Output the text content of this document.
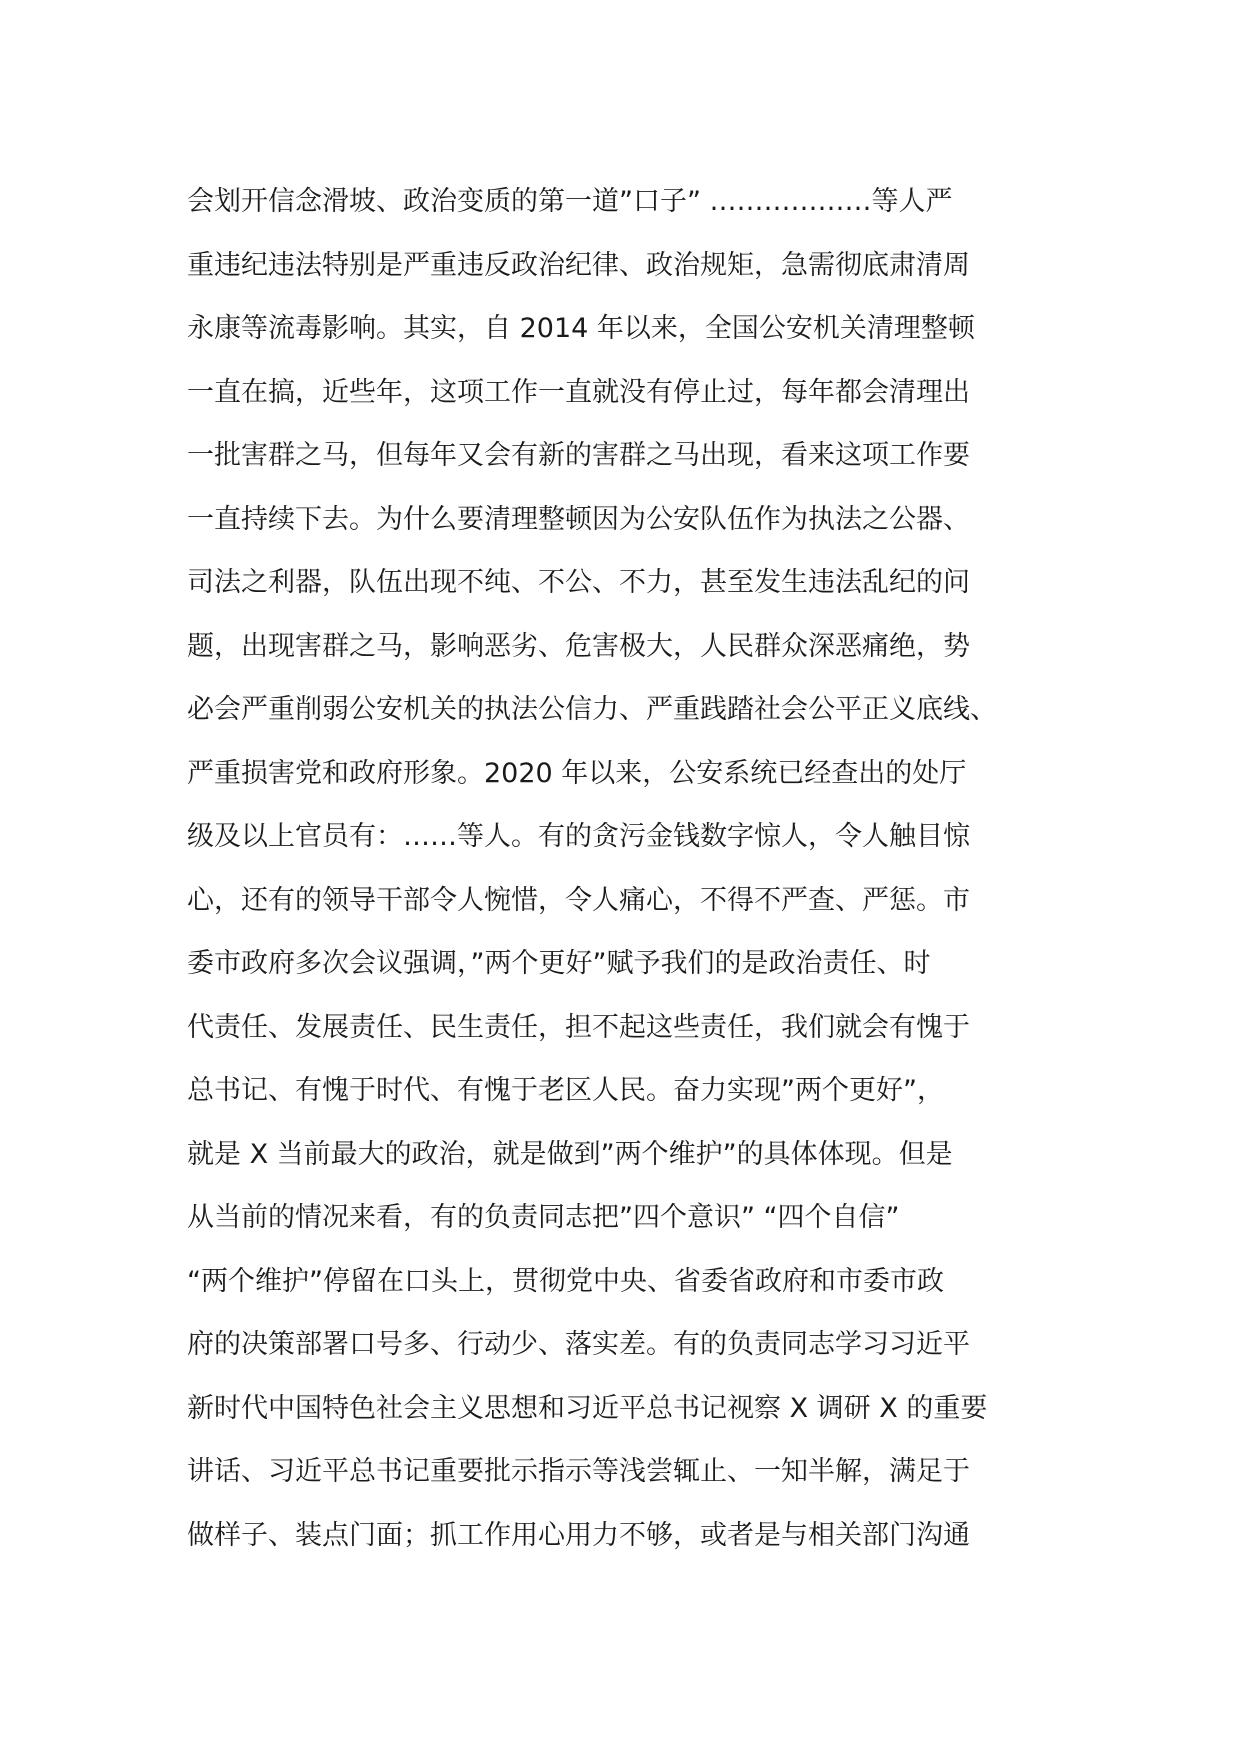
会划开信念滑坡、政治变质的第一道”口子” ………………等人严
重违纪违法特别是严重违反政治纪律、政治规矩，急需彻底肃清周
永康等流毒影响。其实，自 2014 年以来，全国公安机关清理整顿
一直在搞，近些年，这项工作一直就没有停止过，每年都会清理出
一批害群之马，但每年又会有新的害群之马出现，看来这项工作要
一直持续下去。为什么要清理整顿因为公安队伍作为执法之公器、
司法之利器，队伍出现不纯、不公、不力，甚至发生违法乱纪的问
题，出现害群之马，影响恶劣、危害极大，人民群众深恶痛绝，势
必会严重削弱公安机关的执法公信力、严重践踏社会公平正义底线、
严重损害党和政府形象。2020 年以来，公安系统已经查出的处厅
级及以上官员有：……等人。有的贪污金钱数字惊人，令人触目惊
心，还有的领导干部令人惋惜，令人痛心，不得不严查、严惩。市
委市政府多次会议强调，”两个更好”赋予我们的是政治责任、时
代责任、发展责任、民生责任，担不起这些责任，我们就会有愧于
总书记、有愧于时代、有愧于老区人民。奋力实现”两个更好”，
就是 X 当前最大的政治，就是做到”两个维护”的具体体现。但是
从当前的情况来看，有的负责同志把”四个意识” “四个自信”
“两个维护”停留在口头上，贯彻党中央、省委省政府和市委市政
府的决策部署口号多、行动少、落实差。有的负责同志学习习近平
新时代中国特色社会主义思想和习近平总书记视察 X 调研 X 的重要
讲话、习近平总书记重要批示指示等浅尝辄止、一知半解，满足于
做样子、装点门面；抓工作用心用力不够，或者是与相关部门沟通
